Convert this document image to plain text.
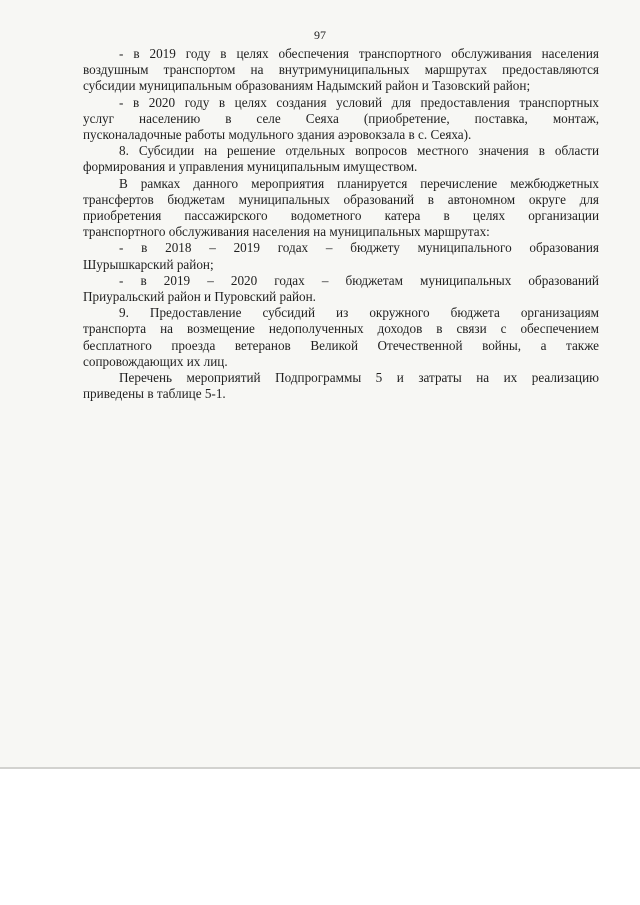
97

- в 2019 году в целях обеспечения транспортного обслуживания населения
воздушным транспортом на внутримуниципальных маршрутах предоставляются
субсидии муниципальным образованиям Надымский район и Тазовский район;

- в 2020 году в целях создания условий для предоставления транспортных
услуг населению в селе Сеяха (приобретение, поставка, монтаж,
пусконаладочные работы модульного здания аэровокзала в с. Сеяха).

8. Субсидии на решение отдельных вопросов местного значения в области
формирования и управления муниципальным имуществом.

В рамках данного мероприятия планируется перечисление межбюджетных
трансфертов бюджетам муниципальных образований в автономном округе для
приобретения пассажирского водометного катера в целях организации
транспортного обслуживания населения на муниципальных маршрутах:

- в 2018 – 2019 годах – бюджету муниципального образования
Шурышкарский район;

- в 2019 – 2020 годах – бюджетам муниципальных образований
Приуральский район и Пуровский район.

9. Предоставление субсидий из окружного бюджета организациям
транспорта на возмещение недополученных доходов в связи с обеспечением
бесплатного проезда ветеранов Великой Отечественной войны, а также
сопровождающих их лиц.

Перечень мероприятий Подпрограммы 5 и затраты на их реализацию
приведены в таблице 5-1.
